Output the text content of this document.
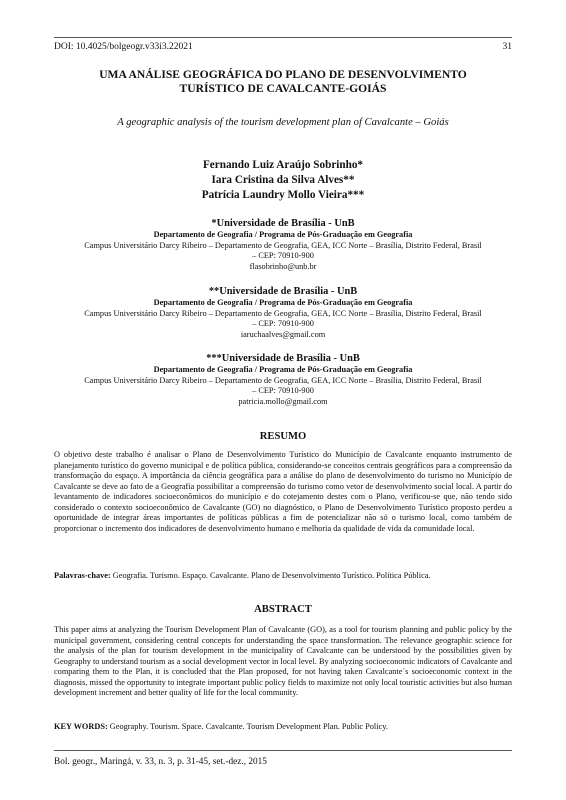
DOI: 10.4025/bolgeogr.v33i3.22021	31
UMA ANÁLISE GEOGRÁFICA DO PLANO DE DESENVOLVIMENTO
TURÍSTICO DE CAVALCANTE-GOIÁS
A geographic analysis of the tourism development plan of Cavalcante – Goiás
Fernando Luiz Araújo Sobrinho*
Iara Cristina da Silva Alves**
Patrícia Laundry Mollo Vieira***
*Universidade de Brasília - UnB
Departamento de Geografia / Programa de Pós-Graduação em Geografia
Campus Universitário Darcy Ribeiro – Departamento de Geografia, GEA, ICC Norte – Brasília, Distrito Federal, Brasil
– CEP: 70910-900
flasobrinho@unb.br
**Universidade de Brasília - UnB
Departamento de Geografia / Programa de Pós-Graduação em Geografia
Campus Universitário Darcy Ribeiro – Departamento de Geografia, GEA, ICC Norte – Brasília, Distrito Federal, Brasil
– CEP: 70910-900
iaruchaalves@gmail.com
***Universidade de Brasília - UnB
Departamento de Geografia / Programa de Pós-Graduação em Geografia
Campus Universitário Darcy Ribeiro – Departamento de Geografia, GEA, ICC Norte – Brasília, Distrito Federal, Brasil
– CEP: 70910-900
patricia.mollo@gmail.com
RESUMO
O objetivo deste trabalho é analisar o Plano de Desenvolvimento Turístico do Município de Cavalcante enquanto instrumento de planejamento turístico do governo municipal e de política pública, considerando-se conceitos centrais geográficos para a compreensão da transformação do espaço. A importância da ciência geográfica para a análise do plano de desenvolvimento do turismo no Município de Cavalcante se deve ao fato de a Geografia possibilitar a compreensão do turismo como vetor de desenvolvimento social local. A partir do levantamento de indicadores socioeconômicos do município e do cotejamento destes com o Plano, verificou-se que, não tendo sido considerado o contexto socioeconômico de Cavalcante (GO) no diagnóstico, o Plano de Desenvolvimento Turístico proposto perdeu a oportunidade de integrar áreas importantes de políticas públicas a fim de potencializar não só o turismo local, como também de proporcionar o incremento dos indicadores de desenvolvimento humano e melhoria da qualidade de vida da comunidade local.
Palavras-chave: Geografia. Turismo. Espaço. Cavalcante. Plano de Desenvolvimento Turístico. Política Pública.
ABSTRACT
This paper aims at analyzing the Tourism Development Plan of Cavalcante (GO), as a tool for tourism planning and public policy by the municipal government, considering central concepts for understanding the space transformation. The relevance geographic science for the analysis of the plan for tourism development in the municipality of Cavalcante can be understood by the possibilities given by Geography to understand tourism as a social development vector in local level. By analyzing socioeconomic indicators of Cavalcante and comparing them to the Plan, it is concluded that the Plan proposed, for not having taken Cavalcante´s socioeconomic context in the diagnosis, missed the opportunity to integrate important public policy fields to maximize not only local touristic activities but also human development increment and better quality of life for the local community.
KEY WORDS: Geography. Tourism. Space. Cavalcante. Tourism Development Plan. Public Policy.
Bol. geogr., Maringá, v. 33, n. 3, p. 31-45, set.-dez., 2015
